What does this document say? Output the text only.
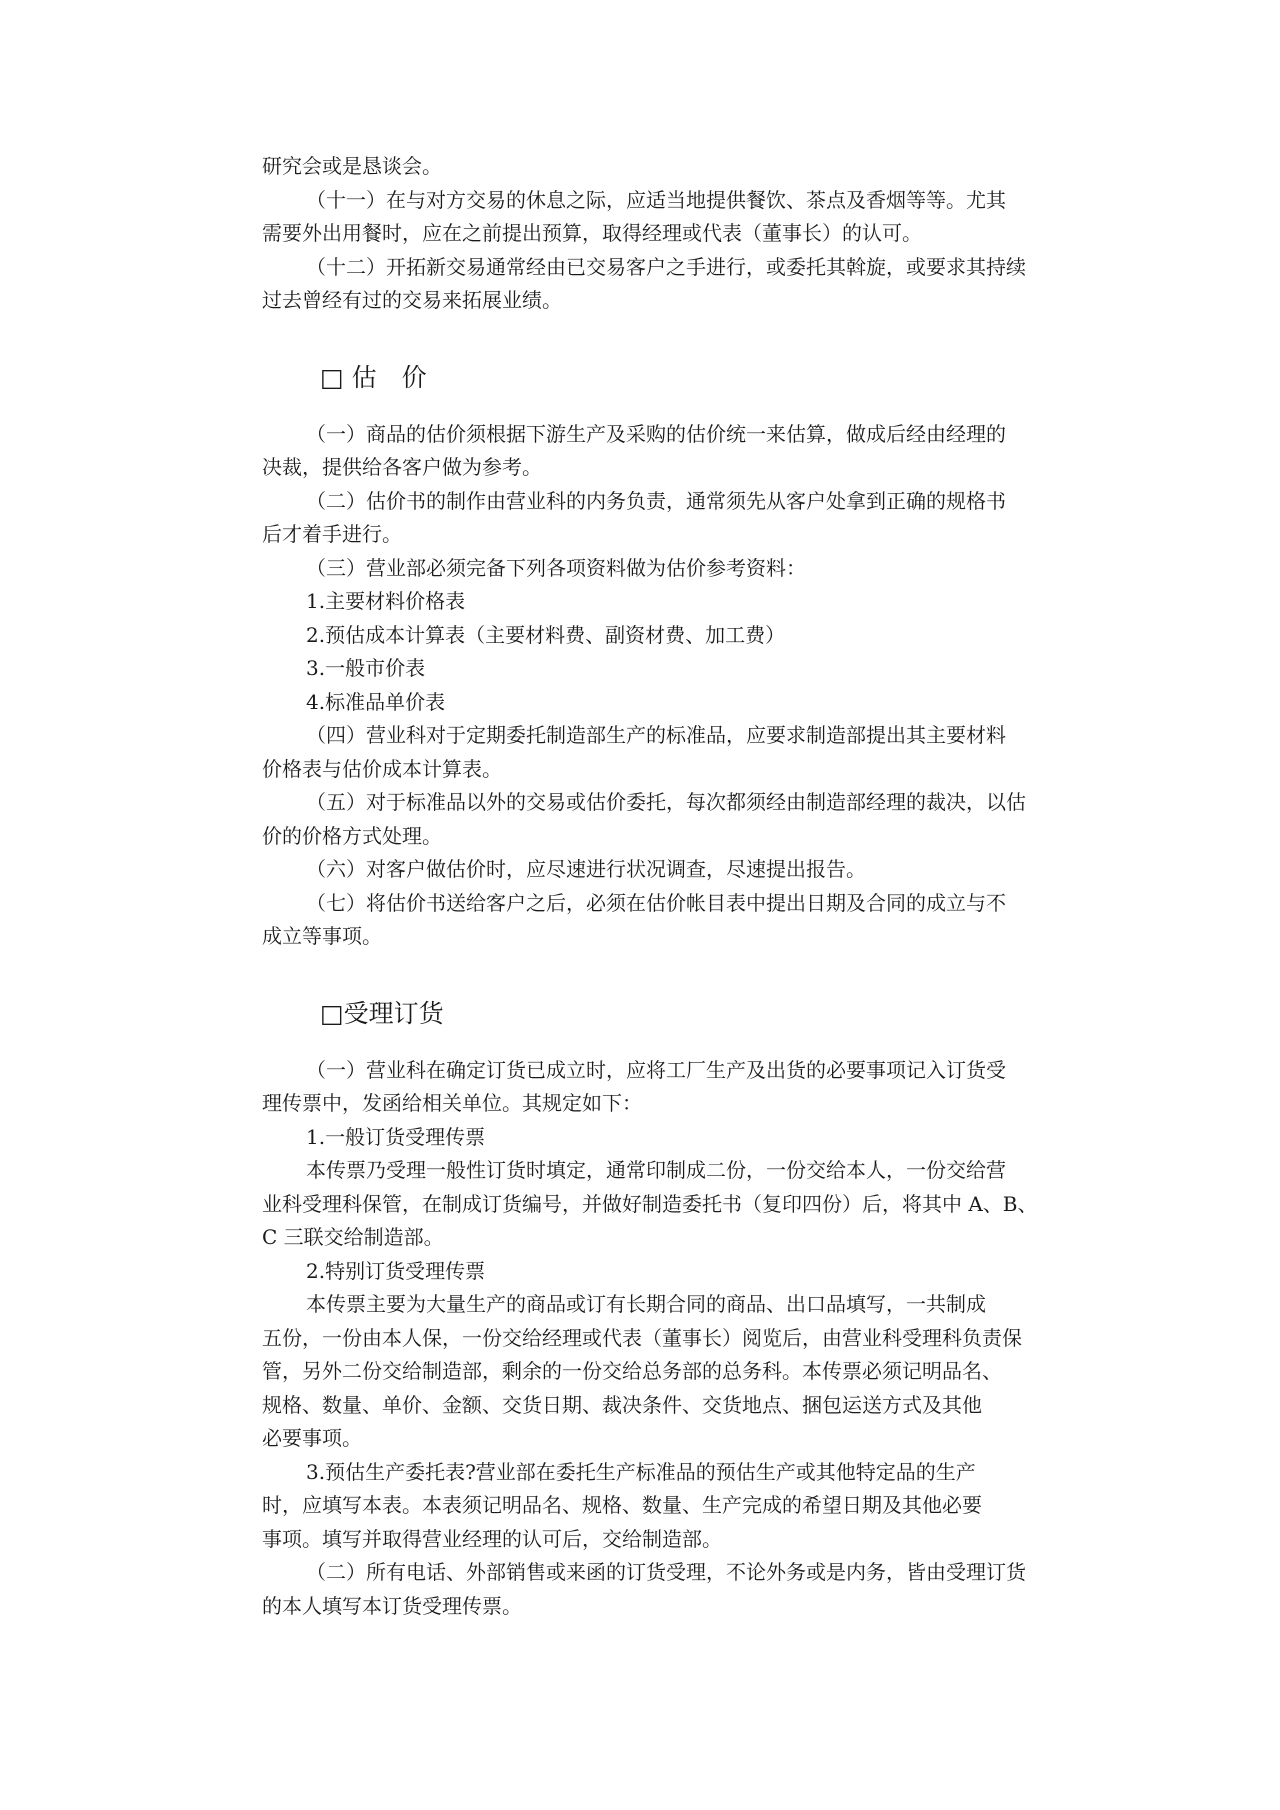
研究会或是恳谈会。
（十一）在与对方交易的休息之际，应适当地提供餐饮、茶点及香烟等等。尤其
需要外出用餐时，应在之前提出预算，取得经理或代表（董事长）的认可。
（十二）开拓新交易通常经由已交易客户之手进行，或委托其斡旋，或要求其持续
过去曾经有过的交易来拓展业绩。
□ 估　价
（一）商品的估价须根据下游生产及采购的估价统一来估算，做成后经由经理的
决裁，提供给各客户做为参考。
（二）估价书的制作由营业科的内务负责，通常须先从客户处拿到正确的规格书
后才着手进行。
（三）营业部必须完备下列各项资料做为估价参考资料：
1.主要材料价格表
2.预估成本计算表（主要材料费、副资材费、加工费）
3.一般市价表
4.标准品单价表
（四）营业科对于定期委托制造部生产的标准品，应要求制造部提出其主要材料
价格表与估价成本计算表。
（五）对于标准品以外的交易或估价委托，每次都须经由制造部经理的裁决，以估
价的价格方式处理。
（六）对客户做估价时，应尽速进行状况调查，尽速提出报告。
（七）将估价书送给客户之后，必须在估价帐目表中提出日期及合同的成立与不
成立等事项。
□受理订货
（一）营业科在确定订货已成立时，应将工厂生产及出货的必要事项记入订货受
理传票中，发函给相关单位。其规定如下：
1.一般订货受理传票
本传票乃受理一般性订货时填定，通常印制成二份，一份交给本人，一份交给营
业科受理科保管，在制成订货编号，并做好制造委托书（复印四份）后，将其中 A、B、
C 三联交给制造部。
2.特别订货受理传票
本传票主要为大量生产的商品或订有长期合同的商品、出口品填写，一共制成
五份，一份由本人保，一份交给经理或代表（董事长）阅览后，由营业科受理科负责保
管，另外二份交给制造部，剩余的一份交给总务部的总务科。本传票必须记明品名、
规格、数量、单价、金额、交货日期、裁决条件、交货地点、捆包运送方式及其他
必要事项。
3.预估生产委托表?营业部在委托生产标准品的预估生产或其他特定品的生产
时，应填写本表。本表须记明品名、规格、数量、生产完成的希望日期及其他必要
事项。填写并取得营业经理的认可后，交给制造部。
（二）所有电话、外部销售或来函的订货受理，不论外务或是内务，皆由受理订货
的本人填写本订货受理传票。
